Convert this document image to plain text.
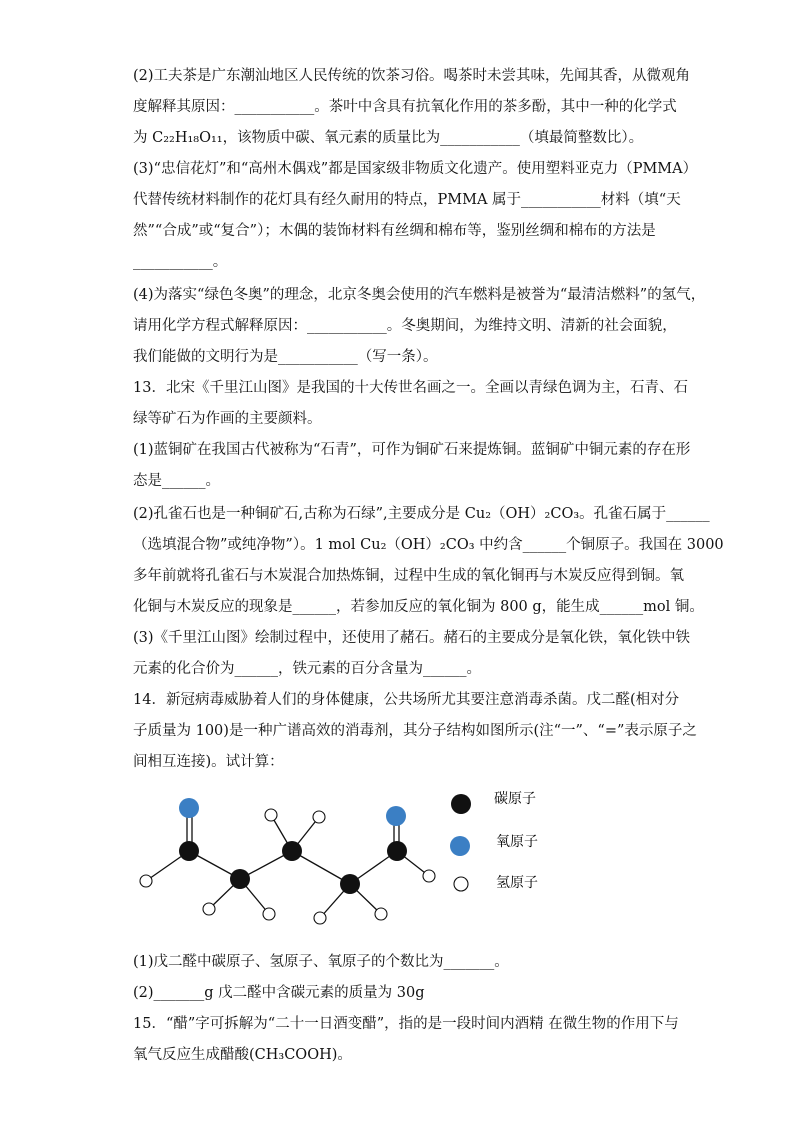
(2)工夫茶是广东潮汕地区人民传统的饮茶习俗。喝茶时未尝其味，先闻其香，从微观角
度解释其原因：___________。茶叶中含具有抗氧化作用的茶多酚，其中一种的化学式
为 C₂₂H₁₈O₁₁，该物质中碳、氧元素的质量比为___________（填最简整数比）。
(3)“忠信花灯”和“高州木偶戏”都是国家级非物质文化遗产。使用塑料亚克力（PMMA）
代替传统材料制作的花灯具有经久耐用的特点，PMMA 属于___________材料（填“天
然”“合成”或“复合”）；木偶的装饰材料有丝绸和棉布等，鉴别丝绸和棉布的方法是
___________。
(4)为落实“绿色冬奥”的理念，北京冬奥会使用的汽车燃料是被誉为“最清洁燃料”的氢气，
请用化学方程式解释原因：___________。冬奥期间，为维持文明、清新的社会面貌，
我们能做的文明行为是___________（写一条）。
13．北宋《千里江山图》是我国的十大传世名画之一。全画以青绿色调为主，石青、石
绿等矿石为作画的主要颜料。
(1)蓝铜矿在我国古代被称为“石青”，可作为铜矿石来提炼铜。蓝铜矿中铜元素的存在形
态是______。
(2)孔雀石也是一种铜矿石,古称为石绿”,主要成分是 Cu₂（OH）₂CO₃。孔雀石属于______
（选填混合物”或纯净物”）。1 mol Cu₂（OH）₂CO₃ 中约含______个铜原子。我国在 3000
多年前就将孔雀石与木炭混合加热炼铜，过程中生成的氧化铜再与木炭反应得到铜。氧
化铜与木炭反应的现象是______，若参加反应的氧化铜为 800 g，能生成______mol 铜。
(3)《千里江山图》绘制过程中，还使用了赭石。赭石的主要成分是氧化铁，氧化铁中铁
元素的化合价为______，铁元素的百分含量为______。
14．新冠病毒威胁着人们的身体健康，公共场所尤其要注意消毒杀菌。戊二醛(相对分
子质量为 100)是一种广谱高效的消毒剂，其分子结构如图所示(注“一”、“=”表示原子之
间相互连接)。试计算：
碳原子
氧原子
氢原子
(1)戊二醛中碳原子、氢原子、氧原子的个数比为_______。
(2)_______g 戊二醛中含碳元素的质量为 30g
15．“醋”字可拆解为“二十一日酒变醋”，指的是一段时间内酒精 在微生物的作用下与
氧气反应生成醋酸(CH₃COOH)。
